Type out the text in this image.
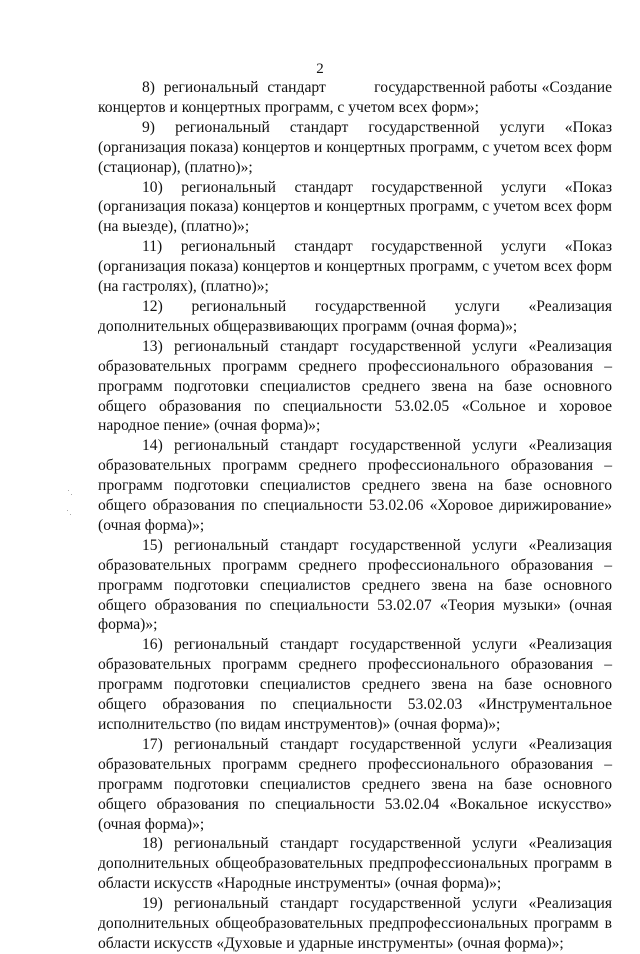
2

8)  региональный  стандарт           государственной работы «Создание концертов и концертных программ, с учетом всех форм»;

9) региональный стандарт государственной услуги «Показ (организация показа) концертов и концертных программ, с учетом всех форм (стационар), (платно)»;

10) региональный стандарт государственной услуги «Показ (организация показа) концертов и концертных программ, с учетом всех форм (на выезде), (платно)»;

11) региональный стандарт государственной услуги «Показ (организация показа) концертов и концертных программ, с учетом всех форм (на гастролях), (платно)»;

12) региональный государственной услуги «Реализация дополнительных общеразвивающих программ (очная форма)»;

13) региональный стандарт государственной услуги «Реализация образовательных программ среднего профессионального образования – программ подготовки специалистов среднего звена на базе основного общего образования по специальности 53.02.05 «Сольное и хоровое народное пение» (очная форма)»;

14) региональный стандарт государственной услуги «Реализация образовательных программ среднего профессионального образования – программ подготовки специалистов среднего звена на базе основного общего образования по специальности 53.02.06 «Хоровое дирижирование» (очная форма)»;

15) региональный стандарт государственной услуги «Реализация образовательных программ среднего профессионального образования – программ подготовки специалистов среднего звена на базе основного общего образования по специальности 53.02.07 «Теория музыки» (очная форма)»;

16) региональный стандарт государственной услуги «Реализация образовательных программ среднего профессионального образования – программ подготовки специалистов среднего звена на базе основного общего образования по специальности 53.02.03 «Инструментальное исполнительство (по видам инструментов)» (очная форма)»;

17) региональный стандарт государственной услуги «Реализация образовательных программ среднего профессионального образования – программ подготовки специалистов среднего звена на базе основного общего образования по специальности 53.02.04 «Вокальное искусство» (очная форма)»;

18) региональный стандарт государственной услуги «Реализация дополнительных общеобразовательных предпрофессиональных программ в области искусств «Народные инструменты» (очная форма)»;

19) региональный стандарт государственной услуги «Реализация дополнительных общеобразовательных предпрофессиональных программ в области искусств «Духовые и ударные инструменты» (очная форма)»;
